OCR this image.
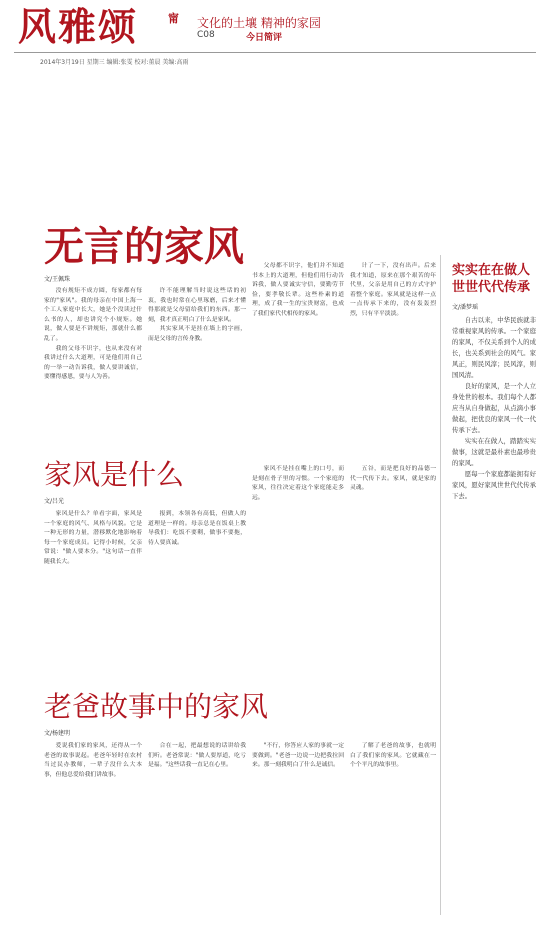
风雅颂	甯 文化的土壤 精神的家园
C08	今日简评
2014年3月19日 星期三 编辑:张雯 校对:董晨 美编:高雨
无言的家风
文/王佩珠

没有规矩不成方圆，每家都有每家的"家风"。我的母亲在中国上海一个工人家庭中长大，她是个没读过什么书的人，却也讲究个小规矩。她说，做人要是不讲规矩，那就什么都乱了。

我的父母不识字，也从来没有对我讲过什么大道理，可是他们用自己的一举一动告诉我，做人要讲诚信，要懂得感恩，要与人为善。

许不能理解当时说这些话的初衷，我也时常在心里琢磨，后来才懂得那就是父母留给我们的东西。那一刻，我才真正明白了什么是家风。

其实家风不是挂在墙上的字画，而是父母的言传身教。

父母都不识字，他们并不知道书本上的大道理，但他们用行动告诉我，做人要诚实守信，要勤劳节俭，要孝敬长辈。这些朴素的道理，成了我一生的宝贵财富，也成了我们家代代相传的家风。

计了一下，没有出声。后来我才知道，原来在那个艰苦的年代里，父亲是用自己的方式守护着整个家庭。家风就是这样一点一点传承下来的，没有轰轰烈烈，只有平平淡淡。

家风是什么
文/吕光

家风是什么？单看字面，家风是一个家庭的风气、风格与风貌。它是一种无形的力量，潜移默化地影响着每一个家庭成员。记得小时候，父亲常说："做人要本分。"这句话一直伴随我长大。

报到，本领各有高低，但做人的道理是一样的。母亲总是在饭桌上教导我们：吃饭不要剩，做事不要拖，待人要真诚。

家风不是挂在嘴上的口号，而是刻在骨子里的习惯。一个家庭的家风，往往决定着这个家庭能走多远。

五谷，而是把良好的品德一代一代传下去。家风，就是家的灵魂。

老爸故事中的家风
文/杨建明

爱说我们家的家风，还得从一个老爸的故事说起。老爸年轻时在农村当过民办教师，一辈子没什么大本事，但他总爱给我们讲故事。

合在一起，把最想说的话讲给我们听。老爸常说："做人要厚道，吃亏是福。"这些话我一直记在心里。

"不行，你答应人家的事就一定要做到。"老爸一边说一边把我拉回来。那一刻我明白了什么是诚信。

了解了老爸的故事，也就明白了我们家的家风。它就藏在一个个平凡的故事里。

实实在在做人
世世代代传承
文/潘梦瑶

自古以来，中华民族就非常重视家风的传承。一个家庭的家风，不仅关系到个人的成长，也关系到社会的风气。家风正，则民风淳；民风淳，则国风清。

良好的家风，是一个人立身处世的根本。我们每个人都应当从自身做起，从点滴小事做起，把优良的家风一代一代传承下去。

实实在在做人，踏踏实实做事，这就是最朴素也最珍贵的家风。

愿每一个家庭都能拥有好家风，愿好家风世世代代传承下去。
